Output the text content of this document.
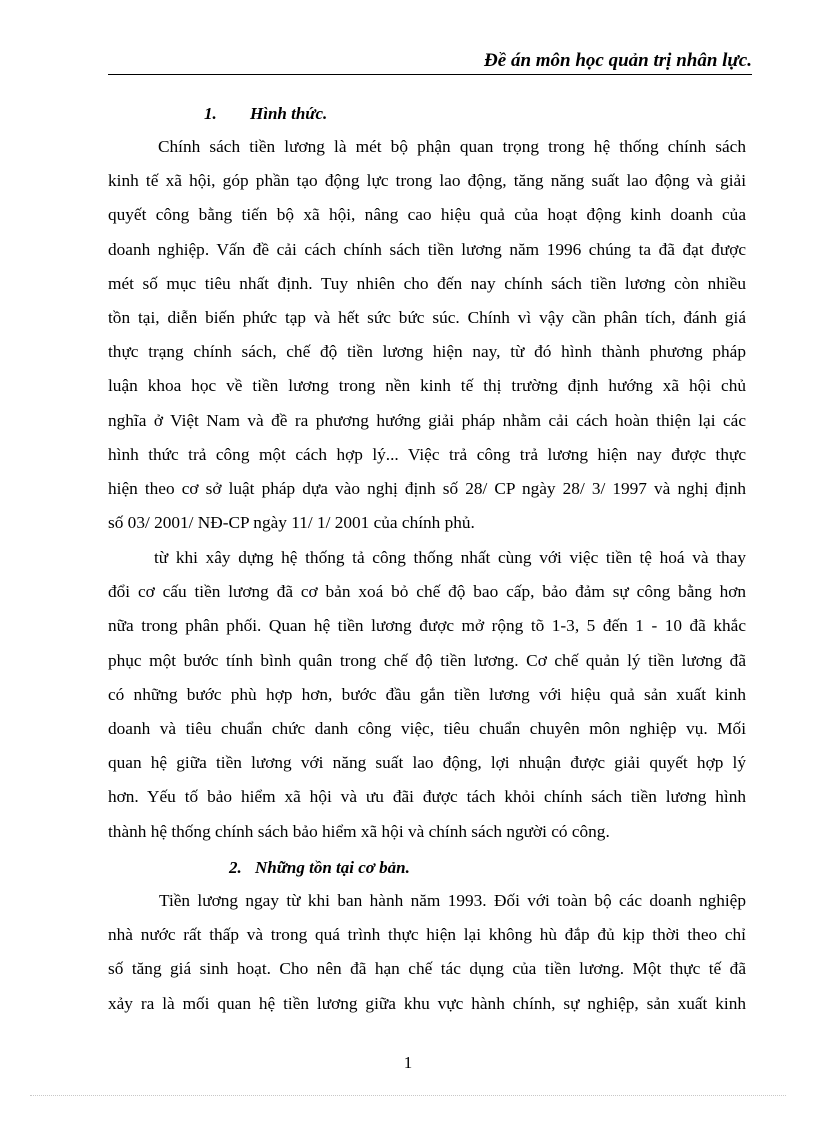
Đề án môn học quản trị nhân lực.
1. Hình thức.
Chính sách tiền lương là mét bộ phận quan trọng trong hệ thống chính sách
kinh tế xã hội, góp phần tạo động lực trong lao động, tăng năng suất lao động và giải
quyết công bằng tiến bộ xã hội, nâng cao hiệu quả của hoạt động kinh doanh của
doanh nghiệp. Vấn đề cải cách chính sách tiền lương năm 1996 chúng ta đã đạt được
mét số mục tiêu nhất định. Tuy nhiên cho đến nay chính sách tiền lương còn nhiều
tồn tại, diễn biến phức tạp và hết sức bức súc. Chính vì vậy cần phân tích, đánh giá
thực trạng chính sách, chế độ tiền lương hiện nay, từ đó hình thành phương pháp
luận khoa học về tiền lương trong nền kinh tế thị trường định hướng xã hội chủ
nghĩa ở Việt Nam và đề ra phương hướng giải pháp nhằm cải cách hoàn thiện lại các
hình thức trả công một cách hợp lý... Việc trả công trả lương hiện nay được thực
hiện theo cơ sở luật pháp dựa vào nghị định số 28/ CP ngày 28/ 3/ 1997 và nghị định
số 03/ 2001/ NĐ-CP ngày 11/ 1/ 2001 của chính phủ.
từ khi xây dựng hệ thống tả công thống nhất cùng với việc tiền tệ hoá và thay
đổi cơ cấu tiền lương đã cơ bản xoá bỏ chế độ bao cấp, bảo đảm sự công bằng hơn
nữa trong phân phối. Quan hệ tiền lương được mở rộng tõ 1-3, 5 đến 1 - 10 đã khắc
phục một bước tính bình quân trong chế độ tiền lương. Cơ chế quản lý tiền lương đã
có những bước phù hợp hơn, bước đầu gắn tiền lương với hiệu quả sản xuất kinh
doanh và tiêu chuẩn chức danh công việc, tiêu chuẩn chuyên môn nghiệp vụ. Mối
quan hệ giữa tiền lương với năng suất lao động, lợi nhuận được giải quyết hợp lý
hơn. Yếu tố bảo hiểm xã hội và ưu đãi được tách khỏi chính sách tiền lương hình
thành hệ thống chính sách bảo hiểm xã hội và chính sách người có công.
2. Những tồn tại cơ bản.
Tiền lương ngay từ khi ban hành năm 1993. Đối với toàn bộ các doanh nghiệp
nhà nước rất thấp và trong quá trình thực hiện lại không hù đắp đủ kịp thời theo chỉ
số tăng giá sinh hoạt. Cho nên đã hạn chế tác dụng của tiền lương. Một thực tế đã
xảy ra là mối quan hệ tiền lương giữa khu vực hành chính, sự nghiệp, sản xuất kinh
1
